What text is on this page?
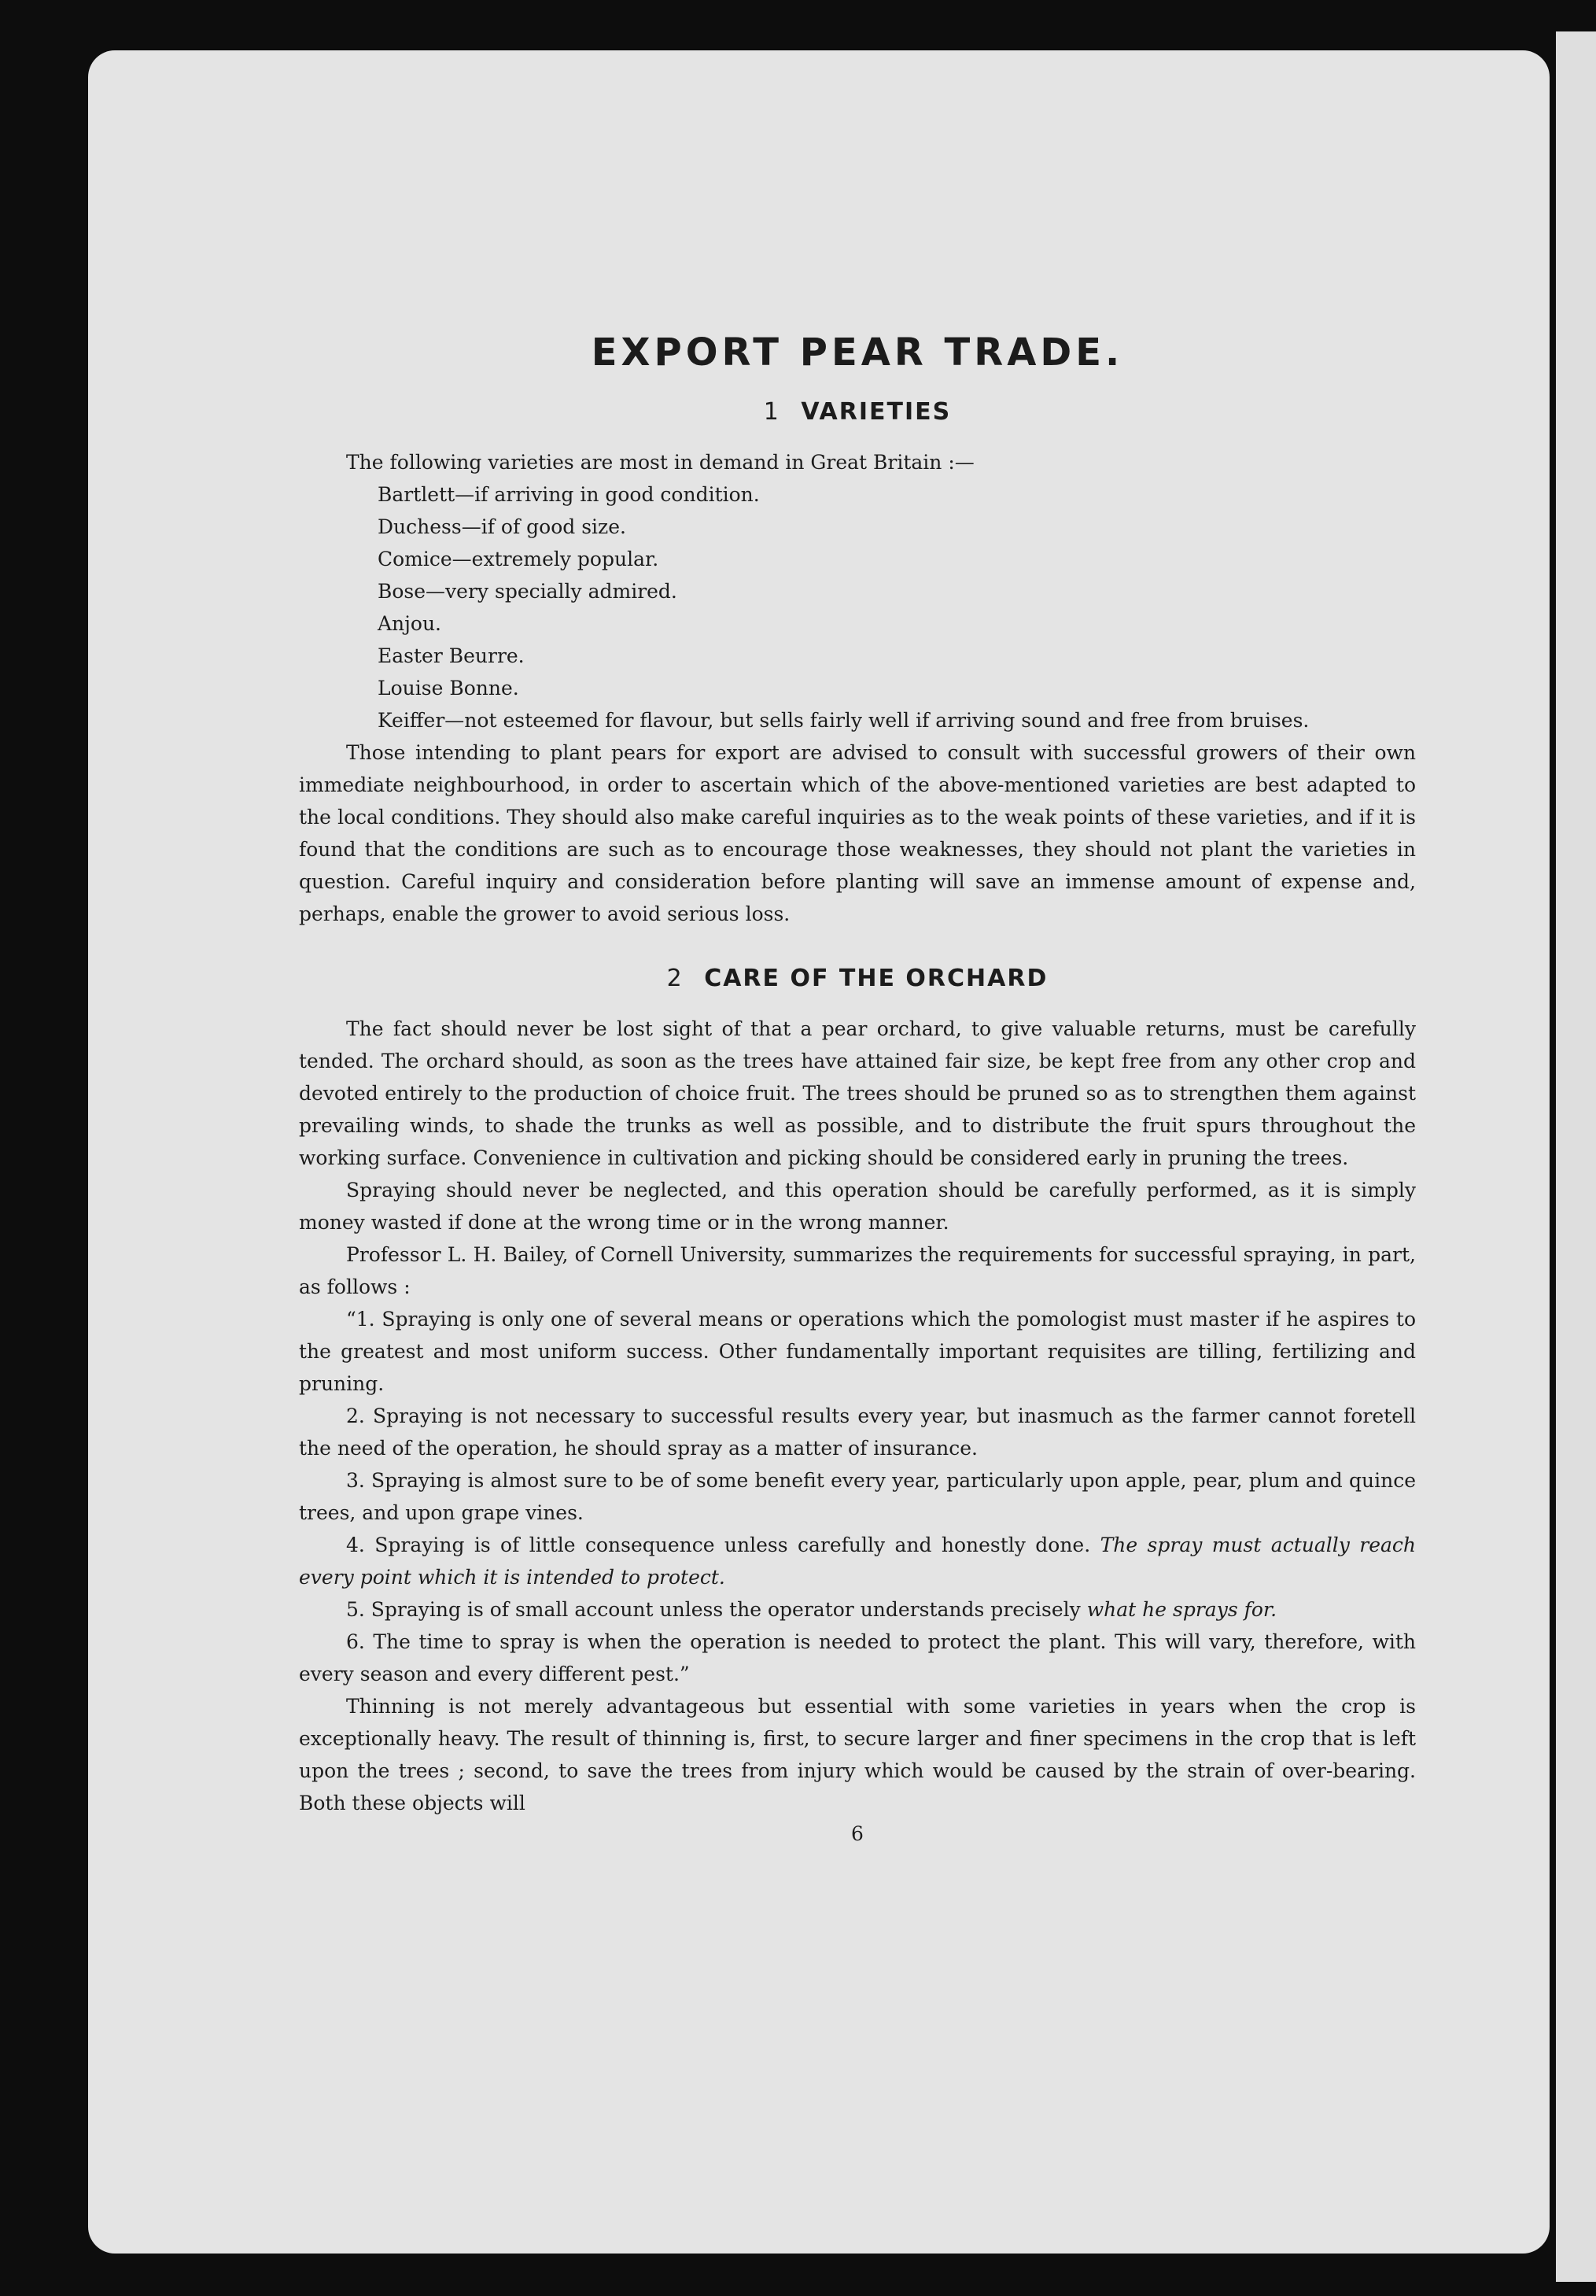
EXPORT PEAR TRADE.
1 VARIETIES

The following varieties are most in demand in Great Britain :—

Bartlett—if arriving in good condition.
Duchess—if of good size.
Comice—extremely popular.
Bose—very specially admired.
Anjou.
Easter Beurre.
Louise Bonne.
Keiffer—not esteemed for flavour, but sells fairly well if arriving sound and free from bruises.

Those intending to plant pears for export are advised to consult with successful growers of their own immediate neighbourhood, in order to ascertain which of the above-mentioned varieties are best adapted to the local conditions. They should also make careful inquiries as to the weak points of these varieties, and if it is found that the conditions are such as to encourage those weaknesses, they should not plant the varieties in question. Careful inquiry and consideration before planting will save an immense amount of expense and, perhaps, enable the grower to avoid serious loss.

2 CARE OF THE ORCHARD

The fact should never be lost sight of that a pear orchard, to give valuable returns, must be carefully tended. The orchard should, as soon as the trees have attained fair size, be kept free from any other crop and devoted entirely to the production of choice fruit. The trees should be pruned so as to strengthen them against prevailing winds, to shade the trunks as well as possible, and to distribute the fruit spurs throughout the working surface. Convenience in cultivation and picking should be considered early in pruning the trees.

Spraying should never be neglected, and this operation should be carefully performed, as it is simply money wasted if done at the wrong time or in the wrong manner.

Professor L. H. Bailey, of Cornell University, summarizes the requirements for successful spraying, in part, as follows :

“1. Spraying is only one of several means or operations which the pomologist must master if he aspires to the greatest and most uniform success. Other fundamentally important requisites are tilling, fertilizing and pruning.

2. Spraying is not necessary to successful results every year, but inasmuch as the farmer cannot foretell the need of the operation, he should spray as a matter of insurance.

3. Spraying is almost sure to be of some benefit every year, particularly upon apple, pear, plum and quince trees, and upon grape vines.

4. Spraying is of little consequence unless carefully and honestly done. The spray must actually reach every point which it is intended to protect.

5. Spraying is of small account unless the operator understands precisely what he sprays for.

6. The time to spray is when the operation is needed to protect the plant. This will vary, therefore, with every season and every different pest.”

Thinning is not merely advantageous but essential with some varieties in years when the crop is exceptionally heavy. The result of thinning is, first, to secure larger and finer specimens in the crop that is left upon the trees ; second, to save the trees from injury which would be caused by the strain of over-bearing. Both these objects will

6
